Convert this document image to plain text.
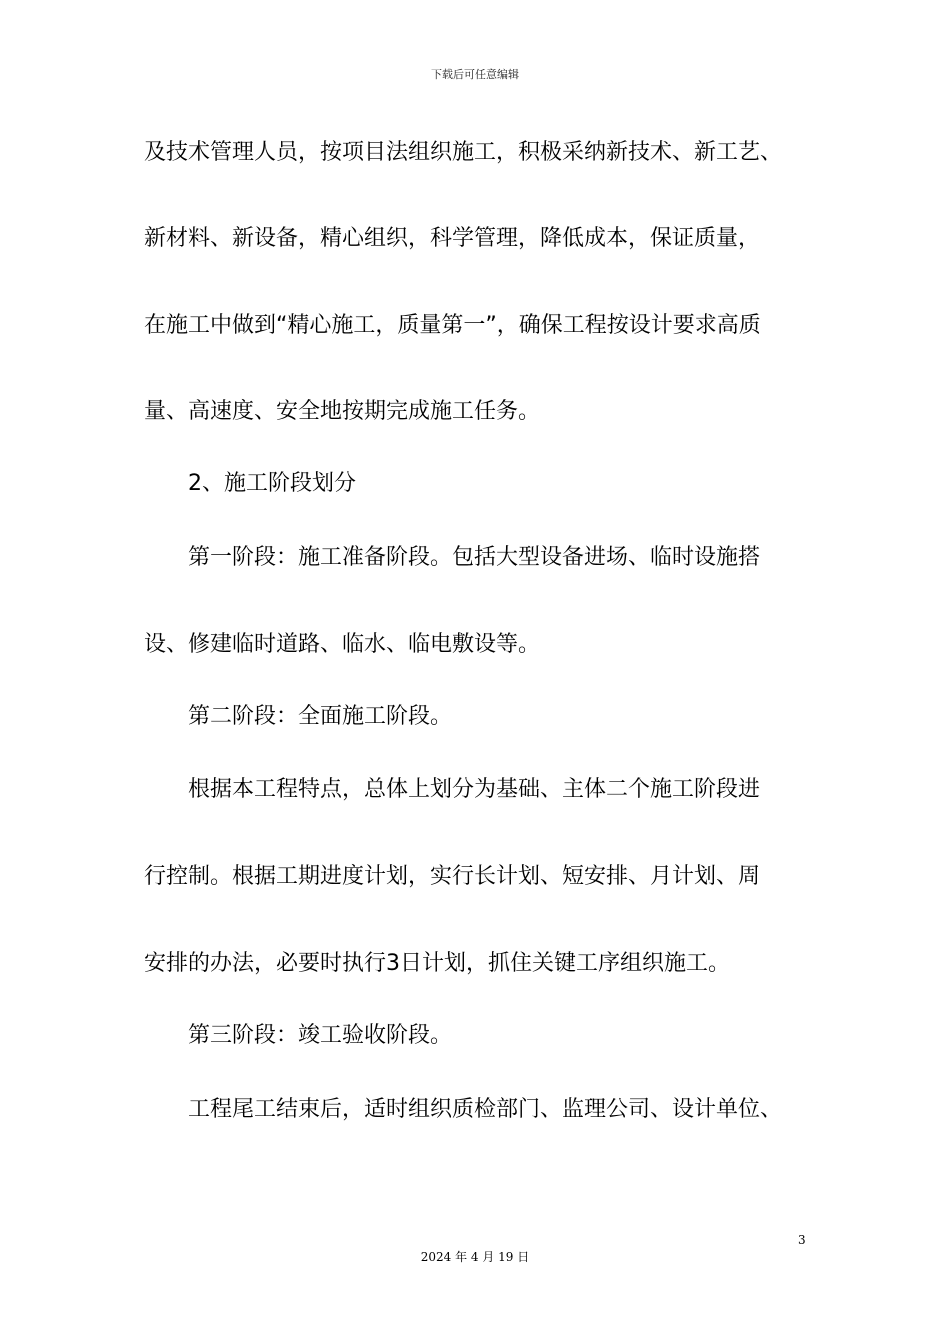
下载后可任意编辑
及技术管理人员，按项目法组织施工，积极采纳新技术、新工艺、
新材料、新设备，精心组织，科学管理，降低成本，保证质量，
在施工中做到“精心施工，质量第一”，确保工程按设计要求高质
量、高速度、安全地按期完成施工任务。
2、施工阶段划分
第一阶段：施工准备阶段。包括大型设备进场、临时设施搭
设、修建临时道路、临水、临电敷设等。
第二阶段：全面施工阶段。
根据本工程特点，总体上划分为基础、主体二个施工阶段进
行控制。根据工期进度计划，实行长计划、短安排、月计划、周
安排的办法，必要时执行3日计划，抓住关键工序组织施工。
第三阶段：竣工验收阶段。
工程尾工结束后，适时组织质检部门、监理公司、设计单位、
3
2024 年 4 月 19 日
